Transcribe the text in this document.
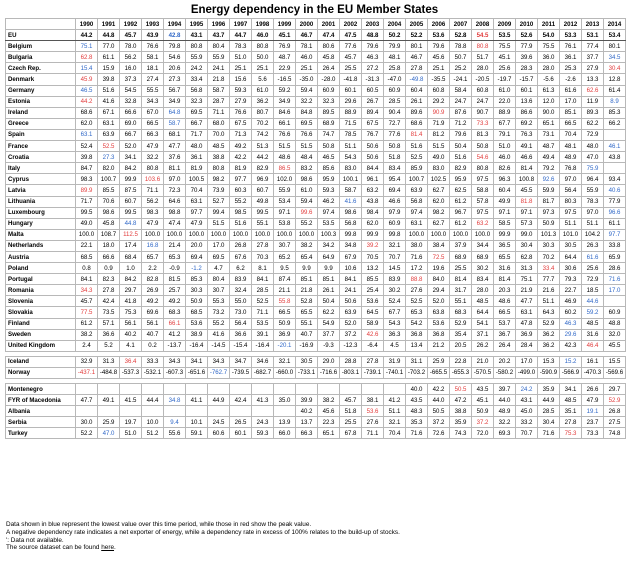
Energy dependency in the EU Member States
	1990	1991	1992	1993	1994	1995	1996	1997	1998	1999	2000	2001	2002	2003	2004	2005	2006	2007	2008	2009	2010	2011	2012	2013	2014
EU	44.2	44.8	45.7	43.9	42.8	43.1	43.7	44.7	46.0	45.1	46.7	47.4	47.5	48.8	50.2	52.2	53.6	52.8	54.5	53.5	52.6	54.0	53.3	53.1	53.4
Belgium	75.1	77.0	78.0	76.6	79.8	80.8	80.4	78.3	80.8	76.9	78.1	80.6	77.6	79.6	79.9	80.1	79.6	78.8	80.8	75.5	77.9	75.5	76.1	77.4	80.1
Bulgaria	62.8	61.1	56.2	58.1	54.6	55.9	55.9	51.0	50.0	48.7	46.0	45.8	45.7	46.3	48.1	46.7	45.6	50.7	51.7	45.1	39.6	36.0	36.1	37.7	34.5
Czech Rep.	15.4	15.9	16.0	18.1	20.6	24.2	24.1	25.1	25.1	22.9	25.1	26.4	25.5	27.2	25.8	27.8	25.1	25.2	28.0	25.6	28.3	28.0	25.3	27.9	30.4
Denmark	45.9	39.8	37.3	27.4	27.3	33.4	21.8	15.6	5.6	-16.5	-35.0	-28.0	-41.8	-31.3	-47.0	-49.8	-35.5	-24.1	-20.5	-19.7	-15.7	-5.6	-2.6	13.3	12.8
Germany	46.5	51.6	54.5	55.5	56.7	56.8	58.7	59.3	61.0	59.2	59.4	60.9	60.1	60.5	60.9	60.4	60.8	58.4	60.8	61.0	60.1	61.3	61.6	62.6	61.4
Estonia	44.2	41.6	32.8	34.3	34.9	32.3	28.7	27.9	36.2	34.9	32.2	32.3	29.6	26.7	28.5	26.1	29.2	24.7	24.7	22.0	13.6	12.0	17.0	11.9	8.9
Ireland	68.6	67.1	66.6	67.0	64.8	69.5	71.1	76.6	80.7	84.6	84.8	89.5	88.9	89.4	90.4	89.6	90.9	87.6	90.7	88.9	86.6	90.0	85.1	89.3	85.3
Greece	62.0	63.1	69.0	66.5	58.7	66.7	68.0	67.5	70.2	66.1	69.5	68.9	71.5	67.5	72.7	68.6	71.9	71.2	73.3	67.7	69.2	65.1	66.5	62.2	66.2
Spain	63.1	63.9	66.7	66.3	68.1	71.7	70.0	71.3	74.2	76.6	76.6	74.7	78.5	76.7	77.6	81.4	81.2	79.6	81.3	79.1	76.3	73.1	70.4	72.9	
France	52.4	52.5	52.0	47.9	47.7	48.0	48.5	49.2	51.3	51.5	51.5	50.8	51.1	50.6	50.8	51.6	51.5	50.4	50.8	51.0	49.1	48.7	48.1	48.0	46.1
Croatia	39.8	27.3	34.1	32.2	37.6	36.1	38.8	42.2	44.2	48.6	48.4	46.5	54.3	50.6	51.8	52.5	49.0	51.6	54.6	46.0	46.6	49.4	48.9	47.0	43.8
Italy	84.7	82.0	84.2	80.8	81.1	81.9	80.8	81.9	82.9	86.5	83.2	85.6	83.0	84.4	83.4	85.9	83.0	82.9	80.8	82.6	81.4	79.2	76.8	75.9	
Cyprus	98.3	100.7	99.9	103.6	97.0	100.5	98.2	97.7	96.9	102.0	98.6	95.9	100.1	96.1	95.4	100.7	102.5	95.9	97.5	96.3	100.8	92.6	97.0	96.4	93.4
Latvia	89.9	85.5	87.5	71.1	72.3	70.4	73.9	60.3	60.7	55.9	61.0	59.3	58.7	63.2	69.4	63.9	62.7	62.5	58.8	60.4	45.5	59.9	56.4	55.9	40.6
Lithuania	71.7	70.6	60.7	56.2	64.6	63.1	52.7	55.2	49.8	53.4	59.4	46.2	41.6	43.8	46.6	56.8	62.0	61.2	57.8	49.9	81.8	81.7	80.3	78.3	77.9
Luxembourg	99.5	98.6	99.5	98.3	98.8	97.7	99.4	98.5	99.5	97.1	99.6	97.4	98.6	98.4	97.9	97.4	98.2	96.7	97.5	97.1	97.1	97.3	97.5	97.0	96.6
Hungary	49.0	45.8	44.8	47.9	47.4	47.9	51.5	51.6	55.1	53.8	55.2	53.5	56.8	62.0	60.9	63.1	62.7	61.2	63.2	58.5	57.3	50.9	51.1	51.1	61.1
Malta	100.0	108.7	112.5	100.0	100.0	100.0	100.0	100.0	100.0	100.0	100.0	100.3	99.8	99.9	99.8	100.0	100.0	100.0	100.0	99.9	99.0	101.3	101.0	104.2	97.7
Netherlands	22.1	18.0	17.4	16.8	21.4	20.0	17.0	26.8	27.8	30.7	38.2	34.2	34.8	39.2	32.1	38.0	38.4	37.9	34.4	36.5	30.4	30.3	30.5	26.3	33.8
Austria	68.5	66.6	68.4	65.7	65.3	69.4	69.5	67.6	70.3	65.2	65.4	64.9	67.9	70.5	70.7	71.6	72.5	68.9	68.9	65.5	62.8	70.2	64.4	61.6	65.9
Poland	0.8	0.9	1.0	2.2	-0.9	-1.2	4.7	6.2	8.1	9.5	9.9	9.9	10.6	13.2	14.5	17.2	19.6	25.5	30.2	31.6	31.3	33.4	30.6	25.6	28.6
Portugal	84.1	82.3	84.2	82.8	81.5	85.3	80.4	83.9	84.1	87.4	85.1	85.1	84.1	85.5	83.9	88.8	84.0	81.4	83.4	81.4	75.1	77.7	79.3	72.9	71.6
Romania	34.3	27.8	29.7	26.9	25.7	30.3	30.7	32.4	28.5	21.1	21.8	26.1	24.1	25.4	30.2	27.6	29.4	31.7	28.0	20.3	21.9	21.6	22.7	18.5	17.0
Slovenia	45.7	42.4	41.8	49.2	49.2	50.9	55.3	55.0	52.5	55.8	52.8	50.4	50.6	53.6	52.4	52.5	52.0	55.1	48.5	48.6	47.7	51.1	46.9	44.6	
Slovakia	77.5	73.5	75.3	69.6	68.3	68.5	73.2	73.0	71.1	66.5	65.5	62.2	63.9	64.5	67.7	65.3	63.8	68.3	64.4	66.5	63.1	64.3	60.2	59.2	60.9
Finland	61.2	57.1	56.1	56.1	66.1	53.6	55.2	56.4	53.5	50.9	55.1	54.9	52.0	58.9	54.3	54.2	53.6	52.9	54.1	53.7	47.8	52.9	46.3	48.5	48.8
Sweden	38.2	36.6	40.2	40.7	41.2	38.9	41.6	36.6	39.1	36.9	40.7	37.7	37.2	42.6	36.3	36.8	36.8	35.4	37.1	36.7	36.9	36.2	29.6	31.6	32.0
United Kingdom	2.4	5.2	4.1	0.2	-13.7	-16.4	-14.5	-15.4	-16.4	-20.1	-16.9	-9.3	-12.3	-6.4	4.5	13.4	21.2	20.5	26.2	26.4	28.4	36.2	42.3	46.4	45.5

Iceland	32.9	31.3	36.4	33.3	34.3	34.1	34.3	34.7	34.6	32.1	30.5	29.0	28.8	27.8	31.9	31.1	25.9	22.8	21.0	20.2	17.0	15.3	15.2	16.1	15.5
Norway	-437.1	-484.8	-537.3	-532.1	-607.3	-651.6	-762.7	-739.5	-682.7	-660.0	-733.1	-716.6	-803.1	-739.1	-740.1	-703.2	-665.5	-655.3	-570.5	-580.2	-499.0	-590.9	-566.9	-470.3	-569.6

Montenegro																40.0	42.2	50.5	43.5	39.7	24.2	35.9	34.1	26.6	29.7
FYR of Macedonia	47.7	49.1	41.5	44.4	34.8	41.1	44.9	42.4	41.3	35.0	39.9	38.2	45.7	38.1	41.2	43.5	44.0	47.2	45.1	44.0	43.1	44.9	48.5	47.9	52.9
Albania											40.2	45.6	51.8	53.6	51.1	48.3	50.5	38.8	50.9	48.9	45.0	28.5	35.1	19.1	26.8
Serbia	30.0	25.9	19.7	10.0	9.4	10.1	24.5	26.5	24.3	13.9	13.7	22.3	25.5	27.6	32.1	35.3	37.2	35.9	37.2	32.2	33.2	30.4	27.8	23.7	27.5
Turkey	52.2	47.0	51.0	51.2	55.6	59.1	60.6	60.1	59.3	66.0	66.3	65.1	67.8	71.1	70.4	71.6	72.6	74.3	72.0	69.3	70.7	71.6	75.3	73.3	74.8
Data shown in blue represent the lowest value over this time period, while those in red show the peak value.
A negative dependency rate indicates a net exporter of energy, while a dependency rate in excess of 100% relates to the build-up of stocks.
': Data not available.
The source dataset can be found here.
